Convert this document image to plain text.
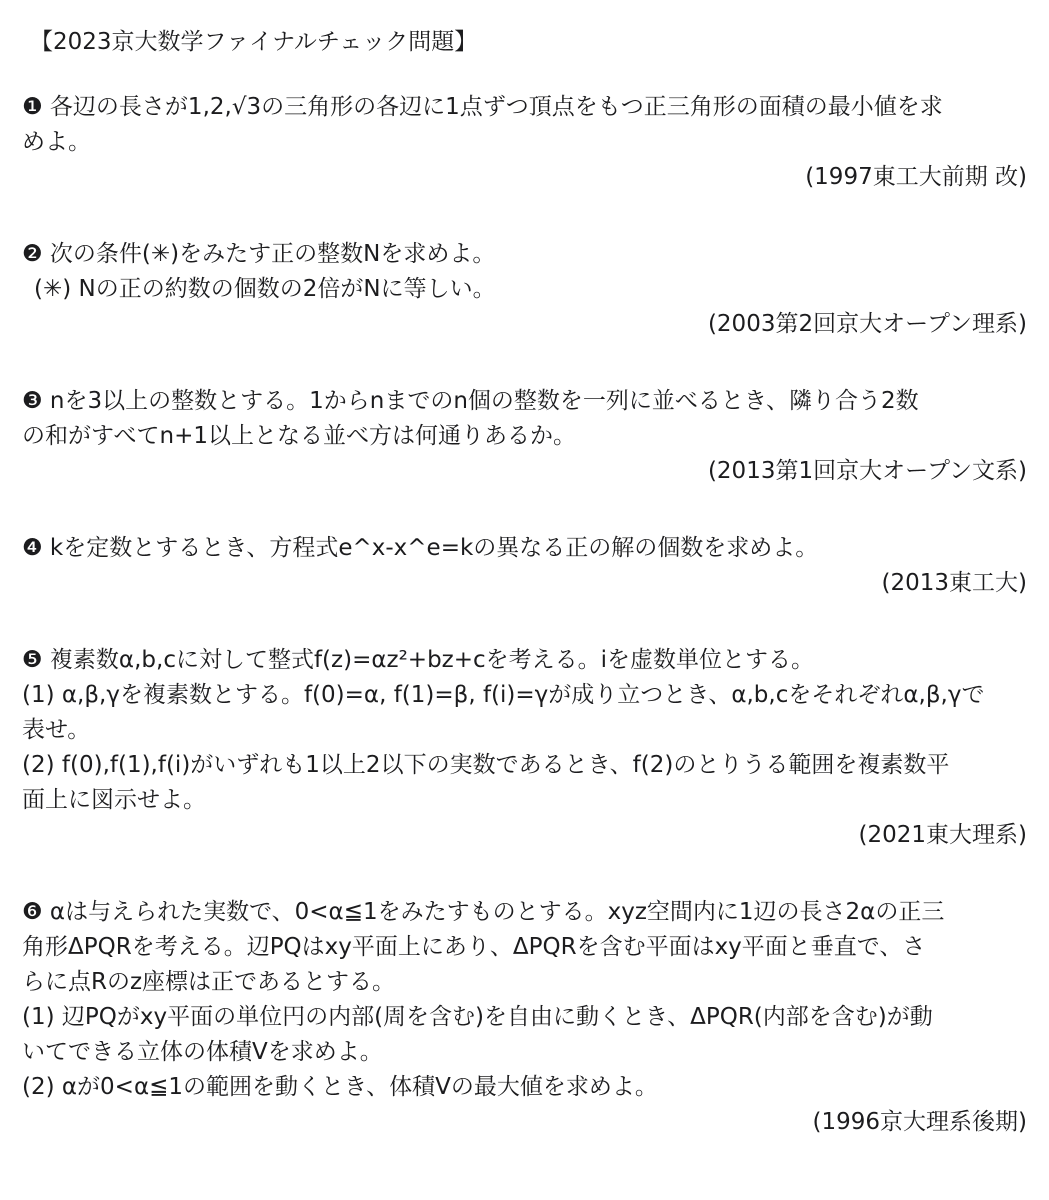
【2023京大数学ファイナルチェック問題】
❶ 各辺の長さが1,2,√3の三角形の各辺に1点ずつ頂点をもつ正三角形の面積の最小値を求
めよ。
(1997東工大前期 改)
❷ 次の条件(✳)をみたす正の整数Nを求めよ。
(✳) Nの正の約数の個数の2倍がNに等しい。
(2003第2回京大オープン理系)
❸ nを3以上の整数とする。1からnまでのn個の整数を一列に並べるとき、隣り合う2数
の和がすべてn+1以上となる並べ方は何通りあるか。
(2013第1回京大オープン文系)
❹ kを定数とするとき、方程式e^x-x^e=kの異なる正の解の個数を求めよ。
(2013東工大)
❺ 複素数α,b,cに対して整式f(z)=αz²+bz+cを考える。iを虚数単位とする。
(1) α,β,γを複素数とする。f(0)=α, f(1)=β, f(i)=γが成り立つとき、α,b,cをそれぞれα,β,γで
表せ。
(2) f(0),f(1),f(i)がいずれも1以上2以下の実数であるとき、f(2)のとりうる範囲を複素数平
面上に図示せよ。
(2021東大理系)
❻ αは与えられた実数で、0<α≦1をみたすものとする。xyz空間内に1辺の長さ2αの正三
角形ΔPQRを考える。辺PQはxy平面上にあり、ΔPQRを含む平面はxy平面と垂直で、さ
らに点Rのz座標は正であるとする。
(1) 辺PQがxy平面の単位円の内部(周を含む)を自由に動くとき、ΔPQR(内部を含む)が動
いてできる立体の体積Vを求めよ。
(2) αが0<α≦1の範囲を動くとき、体積Vの最大値を求めよ。
(1996京大理系後期)
